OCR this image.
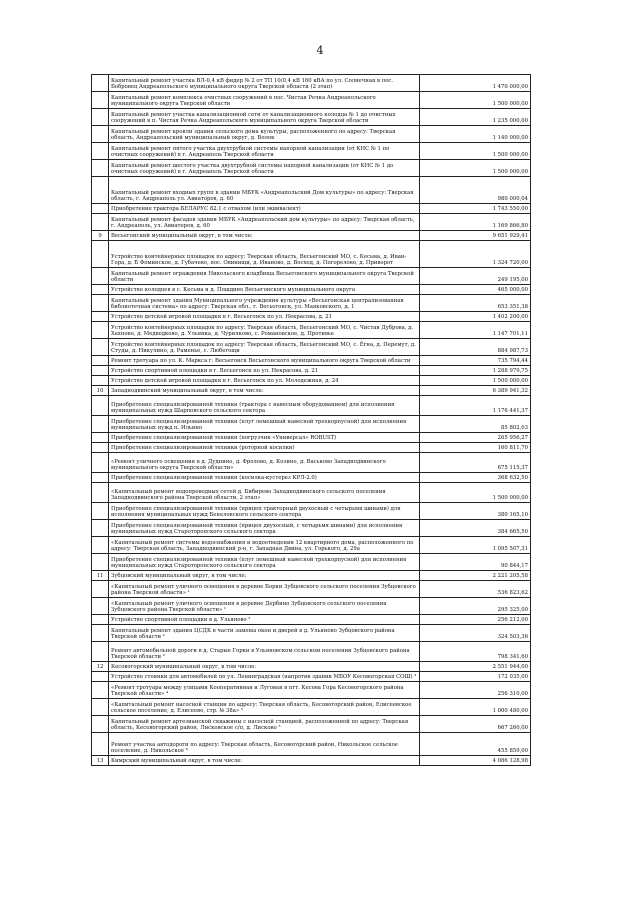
4
	Капитальный ремонт участка ВЛ-0,4 кВ фидер № 2 от ТП 10/0,4 кВ 160 кВА по ул. Солнечная в пос. Бобровец Андреапольского муниципального округа Тверской области (2 этап)	1 470 000,00
	Капитальный ремонт комплекса очистных сооружений в пос. Чистая Речка Андреапольского муниципального округа Тверской области	1 500 000,00
	Капитальный ремонт участка канализационной сети от канализационного колодца № 1 до очистных сооружений в п. Чистая Речка Андреапольского муниципального округа Тверской области	1 235 000,00
	Капитальный ремонт кровли здания сельского дома культуры, расположенного по адресу: Тверская область, Андреапольский муниципальный округ, д. Волок	1 140 000,00
	Капитальный ремонт пятого участка двухтрубной системы напорной канализации (от КНС № 1 по очистных сооружений) в г. Андреаполь Тверской области	1 500 000,00
	Капитальный ремонт шестого участка двухтрубной системы напорной канализации (от КНС № 1 до очистных сооружений) в г. Андреаполь Тверской области	1 500 000,00
	Капитальный ремонт входных групп в здании МБУК «Андреапольский Дом культуры» по адресу: Тверская область, г. Андреаполь ул. Авиаторов, д. 60	980 000,04
	Приобретение трактора БЕЛАРУС 82.1 с отвалом (или эквивалент)	1 743 550,00
	Капитальный ремонт фасадов здания МБУК «Андреапольский дом культуры» по адресу: Тверская область, г. Андреаполь, ул. Авиаторов, д. 60	1 169 866,80
9	Весьегонский муниципальный округ, в том числе:	9 651 929,41
	Устройство контейнерных площадок по адресу: Тверская область, Весьегонский МО, с. Кесьма, д. Иван-Гора, д. Б Фоминское, д. Губачево, пос. Овинищи, д. Иваново, д. Восход, д. Погорелово, д. Приворот	1 324 720,00
	Капитальный ремонт ограждения Никольского кладбища Весьегонского муниципального округа Тверской области	249 195,00
	Устройство колодцев в с. Кесьма и д. Пошдино Весьегонского муниципального округа	465 000,00
	Капитальный ремонт здания Муниципального учреждения культуры «Весьегонская централизованная библиотечная система» по адресу: Тверская обл., г. Весьегонск, ул. Маяковского, д. 1	653 351,38
	Устройство детской игровой площадки в г. Весьегонск по ул. Некрасова, д. 21	1 402 200,00
	Устройство контейнерных площадок по адресу: Тверская область, Весьегонский МО, с. Чистая Дуброва, д. Хахново, д. Медведково, д. Ульянка, д. Чурилково, с. Романовское, д. Противье	1 147 701,11
	Устройство контейнерных площадок по адресу: Тверская область, Весьегонский МО, с. Ёгна, д. Перемут, д. Студы, д. Никулино, д. Раменье, с. Любегощи	884 987,73
	Ремонт тротуара по ул. К. Маркса г. Весьегонск Весьегонского муниципального округа Тверской области	735 794,44
	Устройство спортивной площадки в г. Весьегонск по ул. Некрасова, д. 21	1 288 979,75
	Устройство детской игровой площадки в г. Весьегонск по ул. Молодежная, д. 24	1 500 000,00
10	Западнодвинский муниципальный округ, в том числе:	6 389 941,32
	Приобретение специализированной техники (трактора с навесным оборудованием) для исполнения муниципальных нужд Шарповского сельского сектора	1 176 441,37
	Приобретение специализированной техники (плуг лемешный навесной трехкорпусной) для исполнения муниципальных нужд п. Ильино	85 802,03
	Приобретение специализированной техники (погрузчик «Универсал» ROBUST)	265 956,27
	Приобретение специализированной техники (роторной косилки)	160 811,70
	«Ремонт уличного освещения в д. Дуднино, д. Фролово, д. Козино, д. Васьково Западнодвинского муниципального округа Тверской области»	675 115,37
	Приобретение специализированной техники (косилка-кустерез КРЛ-2.0)	368 632,50
	«Капитальный ремонт водопроводных сетей д. Бибирево Западнодвинского сельского поселения Западнодвинского района Тверской области, 2 этап»	1 500 000,00
	Приобретение специализированной техники (прицеп тракторный двухосный с четырьмя шинами) для исполнения муниципальных нужд Бенеловского сельского сектора	380 165,10
	Приобретение специализированной техники (прицеп двухосный, с четырьмя шинами) для исполнения муниципальных нужд Староторопского сельского сектора	384 665,50
	«Капитальный ремонт системы водоснабжения и водоотведения 12 квартирного дома, расположенного по адресу: Тверская область, Западнодвинский р-н, г. Западная Двина, ул. Горького, д. 29а	1 095 507,31
	Приобретение специализированной техники (плуг лемешный навесной трехкорпусной) для исполнения муниципальных нужд Староторопского сельского сектора	90 844,17
11	Зубцовский муниципальный округ, в том числе:	2 221 205,58
	«Капитальный ремонт уличного освещения в деревне Борки Зубцовского сельского поселения Зубцовского района Тверской области» ¹	536 823,62
	«Капитальный ремонт уличного освещения в деревне Дербино Зубцовского сельского поселения Зубцовского района Тверской области» ¹	295 325,00
	Устройство спортивной площадки в д. Ульяново ²	256 212,00
	Капитальный ремонт здания ЦСДК в части замены окон и дверей в д. Ульяново Зубцовского района Тверской области ²	324 503,36
	Ремонт автомобильной дороги в д. Старые Горки в Ульяновском сельском поселении Зубцовского района Тверской области ²	798 341,60
12	Кесовогорский муниципальный округ, в том числе:	2 551 944,00
	Устройство стоянки для автомобилей по ул. Ленинградская (напротив здания МБОУ Кесовогорская СОШ) ³	172 035,00
	«Ремонт тротуара между улицами Кооперативная и Луговая в пгт. Кесова Гора Кесовогорского района Тверской области» ⁴	256 310,00
	«Капитальный ремонт насосной станции по адресу: Тверская область, Кесовогорский район, Елисеевское сельское поселение, д. Елисеево, стр. № 38а» ⁵	1 000 480,00
	Капитальный ремонт артезианской скважины с насосной станцией, расположенной по адресу: Тверская область, Кесовогорский район, Лисковское с/п, д. Лисково ⁵	667 260,00
	Ремонт участка автодороги по адресу: Тверская область, Кесовогорский район, Никольское сельское поселение, д. Никольское ⁶	455 859,00
13	Кимрский муниципальный округ, в том числе:	4 086 128,98
